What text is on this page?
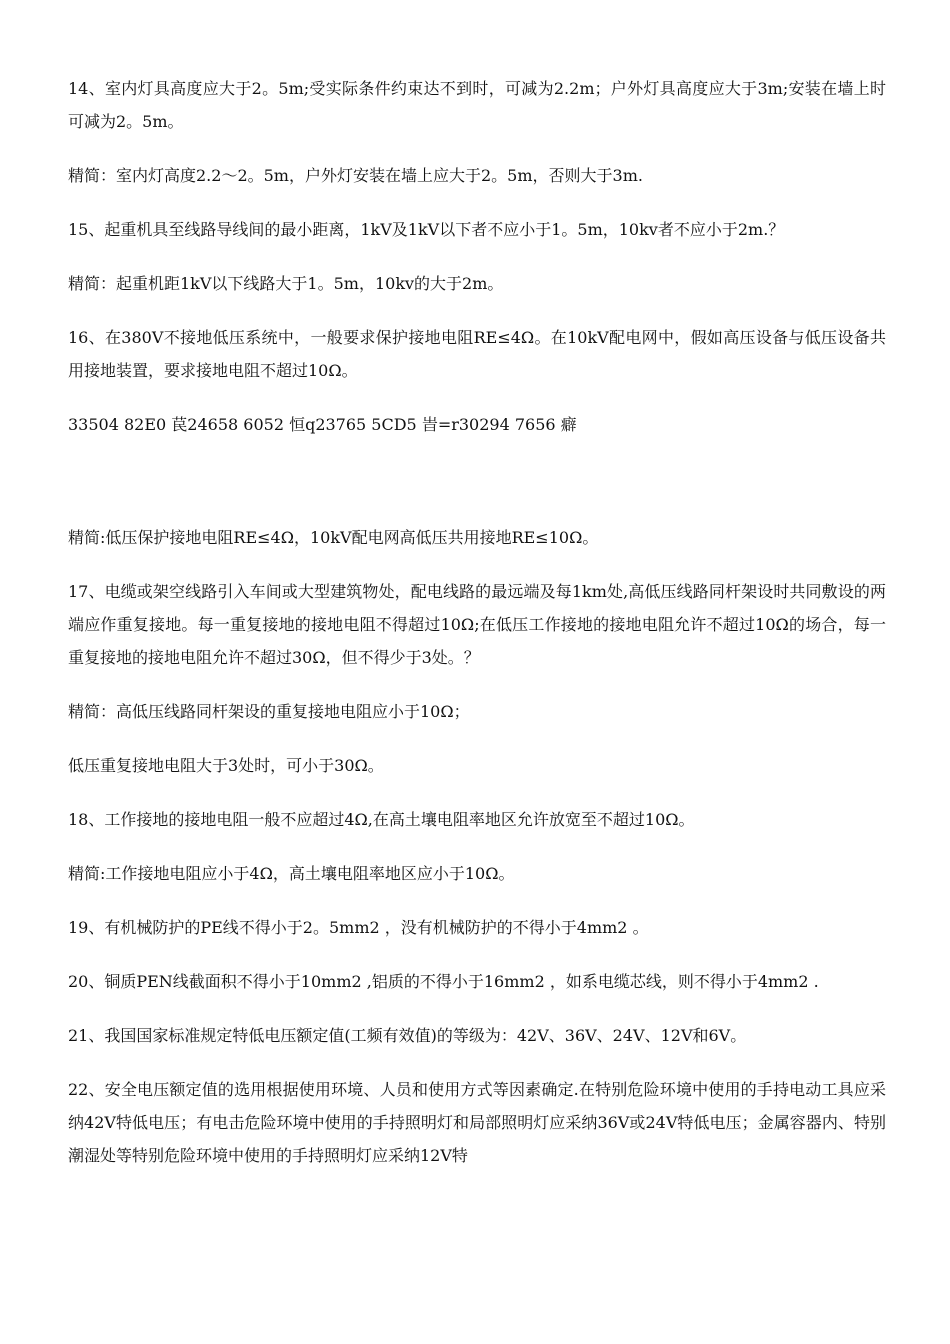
14、室内灯具高度应大于2。5m;受实际条件约束达不到时，可减为2.2m；户外灯具高度应大于3m;安装在墙上时可减为2。5m。

精简：室内灯高度2.2～2。5m，户外灯安装在墙上应大于2。5m，否则大于3m.

15、起重机具至线路导线间的最小距离，1kV及1kV以下者不应小于1。5m，10kv者不应小于2m.？

精简：起重机距1kV以下线路大于1。5m，10kv的大于2m。

16、在380V不接地低压系统中，一般要求保护接地电阻RE≤4Ω。在10kV配电网中，假如高压设备与低压设备共用接地装置，要求接地电阻不超过10Ω。

33504 82E0 苠24658 6052 恒q23765 5CD5 旹=r30294 7656 癖

精简:低压保护接地电阻RE≤4Ω，10kV配电网高低压共用接地RE≤10Ω。

17、电缆或架空线路引入车间或大型建筑物处，配电线路的最远端及每1km处,高低压线路同杆架设时共同敷设的两端应作重复接地。每一重复接地的接地电阻不得超过10Ω;在低压工作接地的接地电阻允许不超过10Ω的场合，每一重复接地的接地电阻允许不超过30Ω，但不得少于3处。？

精简：高低压线路同杆架设的重复接地电阻应小于10Ω；

低压重复接地电阻大于3处时，可小于30Ω。

18、工作接地的接地电阻一般不应超过4Ω,在高土壤电阻率地区允许放宽至不超过10Ω。

精简:工作接地电阻应小于4Ω，高土壤电阻率地区应小于10Ω。

19、有机械防护的PE线不得小于2。5mm2 ，没有机械防护的不得小于4mm2 。

20、铜质PEN线截面积不得小于10mm2 ,铝质的不得小于16mm2 ，如系电缆芯线，则不得小于4mm2 .

21、我国国家标准规定特低电压额定值(工频有效值)的等级为：42V、36V、24V、12V和6V。

22、安全电压额定值的选用根据使用环境、人员和使用方式等因素确定.在特别危险环境中使用的手持电动工具应采纳42V特低电压；有电击危险环境中使用的手持照明灯和局部照明灯应采纳36V或24V特低电压；金属容器内、特别潮湿处等特别危险环境中使用的手持照明灯应采纳12V特
